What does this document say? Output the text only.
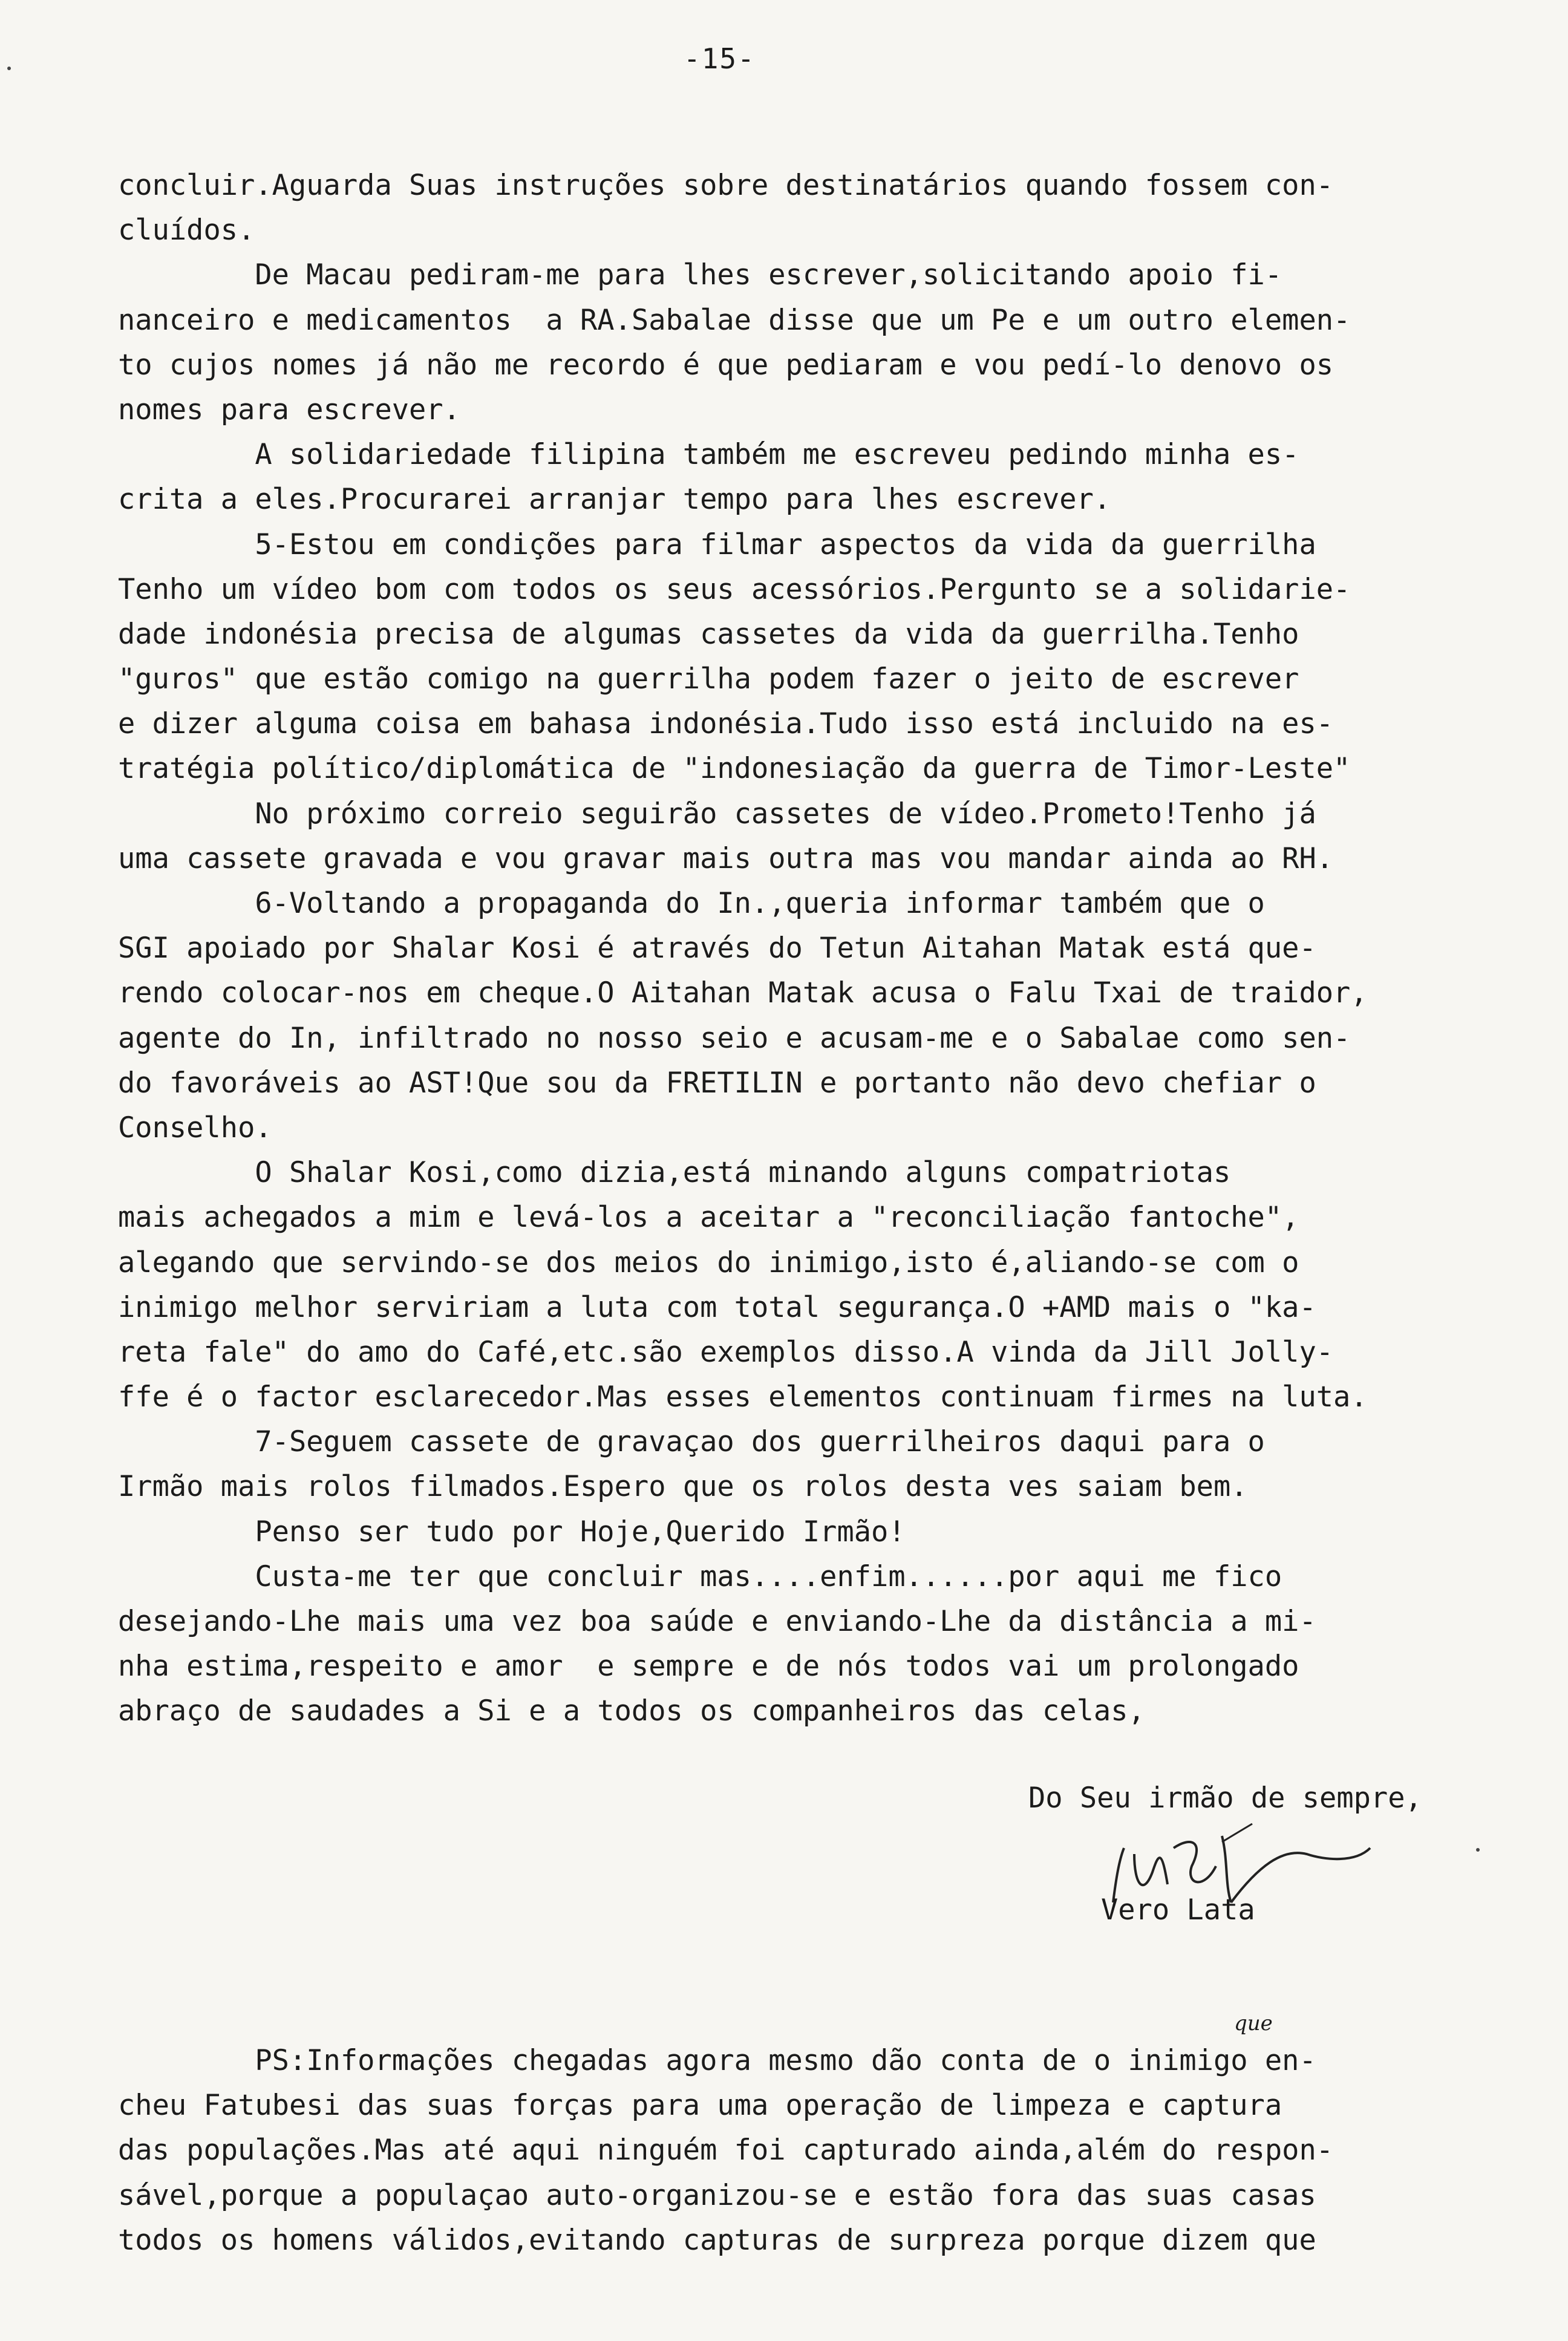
-15-
concluir.Aguarda Suas instruções sobre destinatários quando fossem con-
cluídos.
De Macau pediram-me para lhes escrever,solicitando apoio fi-
nanceiro e medicamentos  a RA.Sabalae disse que um Pe e um outro elemen-
to cujos nomes já não me recordo é que pediaram e vou pedí-lo denovo os
nomes para escrever.
A solidariedade filipina também me escreveu pedindo minha es-
crita a eles.Procurarei arranjar tempo para lhes escrever.
5-Estou em condições para filmar aspectos da vida da guerrilha
Tenho um vídeo bom com todos os seus acessórios.Pergunto se a solidarie-
dade indonésia precisa de algumas cassetes da vida da guerrilha.Tenho
"guros" que estão comigo na guerrilha podem fazer o jeito de escrever
e dizer alguma coisa em bahasa indonésia.Tudo isso está incluido na es-
tratégia político/diplomática de "indonesiação da guerra de Timor-Leste"
No próximo correio seguirão cassetes de vídeo.Prometo!Tenho já
uma cassete gravada e vou gravar mais outra mas vou mandar ainda ao RH.
6-Voltando a propaganda do In.,queria informar também que o
SGI apoiado por Shalar Kosi é através do Tetun Aitahan Matak está que-
rendo colocar-nos em cheque.O Aitahan Matak acusa o Falu Txai de traidor,
agente do In, infiltrado no nosso seio e acusam-me e o Sabalae como sen-
do favoráveis ao AST!Que sou da FRETILIN e portanto não devo chefiar o
Conselho.
O Shalar Kosi,como dizia,está minando alguns compatriotas
mais achegados a mim e levá-los a aceitar a "reconciliação fantoche",
alegando que servindo-se dos meios do inimigo,isto é,aliando-se com o
inimigo melhor serviriam a luta com total segurança.O +AMD mais o "ka-
reta fale" do amo do Café,etc.são exemplos disso.A vinda da Jill Jolly-
ffe é o factor esclarecedor.Mas esses elementos continuam firmes na luta.
7-Seguem cassete de gravaçao dos guerrilheiros daqui para o
Irmão mais rolos filmados.Espero que os rolos desta ves saiam bem.
Penso ser tudo por Hoje,Querido Irmão!
Custa-me ter que concluir mas....enfim......por aqui me fico
desejando-Lhe mais uma vez boa saúde e enviando-Lhe da distância a mi-
nha estima,respeito e amor  e sempre e de nós todos vai um prolongado
abraço de saudades a Si e a todos os companheiros das celas,
Do Seu irmão de sempre,
Vero Lata
que
PS:Informações chegadas agora mesmo dão conta de o inimigo en-
cheu Fatubesi das suas forças para uma operação de limpeza e captura
das populações.Mas até aqui ninguém foi capturado ainda,além do respon-
sável,porque a populaçao auto-organizou-se e estão fora das suas casas
todos os homens válidos,evitando capturas de surpreza porque dizem que
